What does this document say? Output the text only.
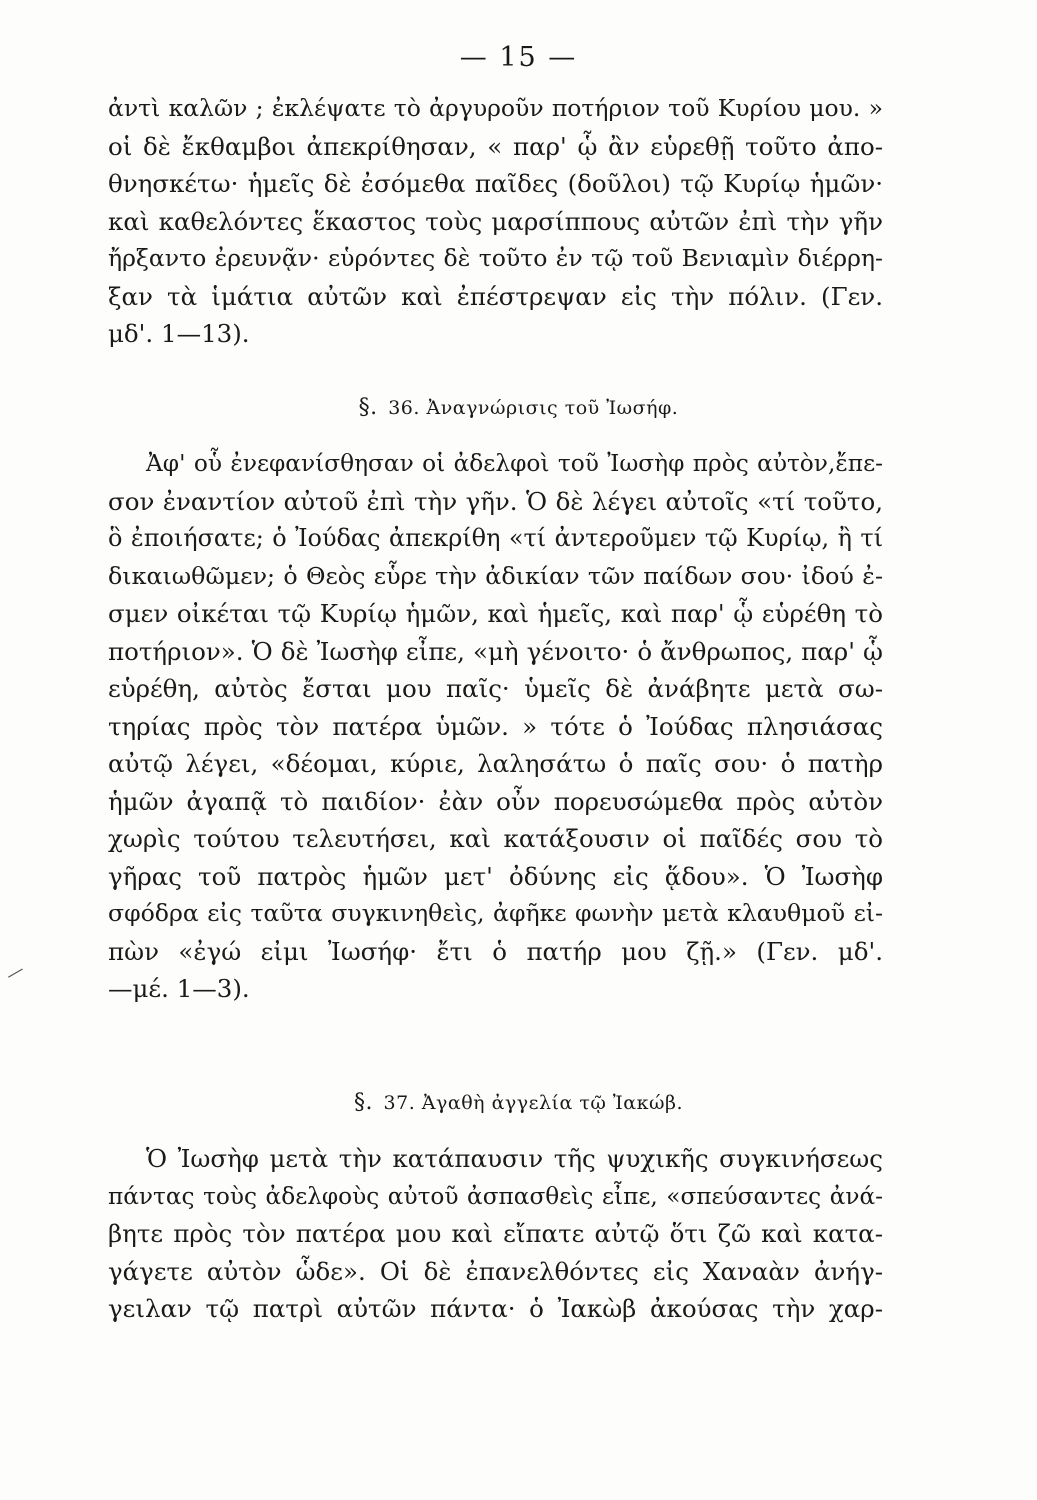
— 15 —
ἀντὶ καλῶν ; ἐκλέψατε τὸ ἀργυροῦν ποτήριον τοῦ Κυρίου μου. »
οἱ δὲ ἔκθαμβοι ἀπεκρίθησαν, « παρ' ᾧ ἂν εὑρεθῇ τοῦτο ἀπο-
θνησκέτω· ἡμεῖς δὲ ἐσόμεθα παῖδες (δοῦλοι) τῷ Κυρίῳ ἡμῶν·
καὶ καθελόντες ἕκαστος τοὺς μαρσίππους αὐτῶν ἐπὶ τὴν γῆν
ἤρξαντο ἐρευνᾷν· εὑρόντες δὲ τοῦτο ἐν τῷ τοῦ Βενιαμὶν διέρρη-
ξαν τὰ ἱμάτια αὐτῶν καὶ ἐπέστρεψαν εἰς τὴν πόλιν. (Γεν.
μδ'. 1—13).
§. 36. Ἀναγνώρισις τοῦ Ἰωσήφ.
Ἀφ' οὗ ἐνεφανίσθησαν οἱ ἀδελφοὶ τοῦ Ἰωσὴφ πρὸς αὐτὸν,ἔπε-
σον ἐναντίον αὐτοῦ ἐπὶ τὴν γῆν. Ὁ δὲ λέγει αὐτοῖς «τί τοῦτο,
ὃ ἐποιήσατε; ὁ Ἰούδας ἀπεκρίθη «τί ἀντεροῦμεν τῷ Κυρίῳ, ἢ τί
δικαιωθῶμεν; ὁ Θεὸς εὗρε τὴν ἀδικίαν τῶν παίδων σου· ἰδού ἐ-
σμεν οἰκέται τῷ Κυρίῳ ἡμῶν, καὶ ἡμεῖς, καὶ παρ' ᾧ εὑρέθη τὸ
ποτήριον». Ὁ δὲ Ἰωσὴφ εἶπε, «μὴ γένοιτο· ὁ ἄνθρωπος, παρ' ᾧ
εὑρέθη, αὐτὸς ἔσται μου παῖς· ὑμεῖς δὲ ἀνάβητε μετὰ σω-
τηρίας πρὸς τὸν πατέρα ὑμῶν. » τότε ὁ Ἰούδας πλησιάσας
αὐτῷ λέγει, «δέομαι, κύριε, λαλησάτω ὁ παῖς σου· ὁ πατὴρ
ἡμῶν ἀγαπᾷ τὸ παιδίον· ἐὰν οὖν πορευσώμεθα πρὸς αὐτὸν
χωρὶς τούτου τελευτήσει, καὶ κατάξουσιν οἱ παῖδές σου τὸ
γῆρας τοῦ πατρὸς ἡμῶν μετ' ὀδύνης εἰς ᾅδου». Ὁ Ἰωσὴφ
σφόδρα εἰς ταῦτα συγκινηθεὶς, ἀφῆκε φωνὴν μετὰ κλαυθμοῦ εἰ-
πὼν «ἐγώ εἰμι Ἰωσήφ· ἔτι ὁ πατήρ μου ζῇ.» (Γεν. μδ'.
—μέ. 1—3).
§. 37. Ἀγαθὴ ἀγγελία τῷ Ἰακώβ.
Ὁ Ἰωσὴφ μετὰ τὴν κατάπαυσιν τῆς ψυχικῆς συγκινήσεως
πάντας τοὺς ἀδελφοὺς αὐτοῦ ἀσπασθεὶς εἶπε, «σπεύσαντες ἀνά-
βητε πρὸς τὸν πατέρα μου καὶ εἴπατε αὐτῷ ὅτι ζῶ καὶ κατα-
γάγετε αὐτὸν ὧδε». Οἱ δὲ ἐπανελθόντες εἰς Χαναὰν ἀνήγ-
γειλαν τῷ πατρὶ αὐτῶν πάντα· ὁ Ἰακὼβ ἀκούσας τὴν χαρ-
—
